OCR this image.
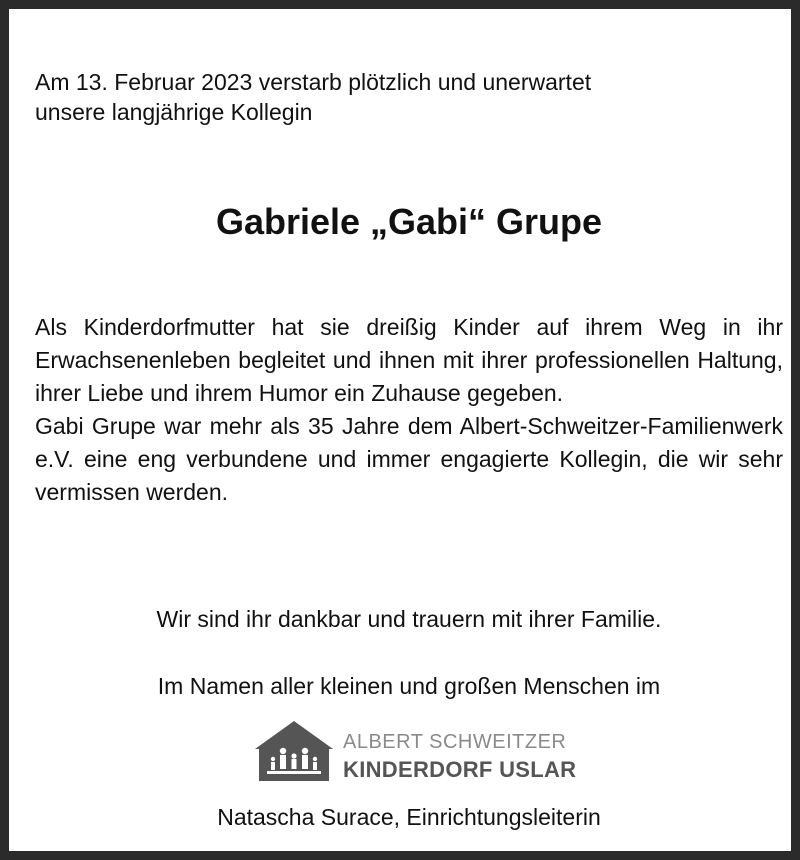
Am 13. Februar 2023 verstarb plötzlich und unerwartet
unsere langjährige Kollegin

Gabriele „Gabi“ Grupe

Als Kinderdorfmutter hat sie dreißig Kinder auf ihrem Weg in ihr Erwachsenenleben begleitet und ihnen mit ihrer professionellen Haltung, ihrer Liebe und ihrem Humor ein Zuhause gegeben.

Gabi Grupe war mehr als 35 Jahre dem Albert-Schweitzer-Familienwerk e.V. eine eng verbundene und immer engagierte Kollegin, die wir sehr vermissen werden.

Wir sind ihr dankbar und trauern mit ihrer Familie.

Im Namen aller kleinen und großen Menschen im

ALBERT SCHWEITZER
KINDERDORF USLAR

Natascha Surace, Einrichtungsleiterin
